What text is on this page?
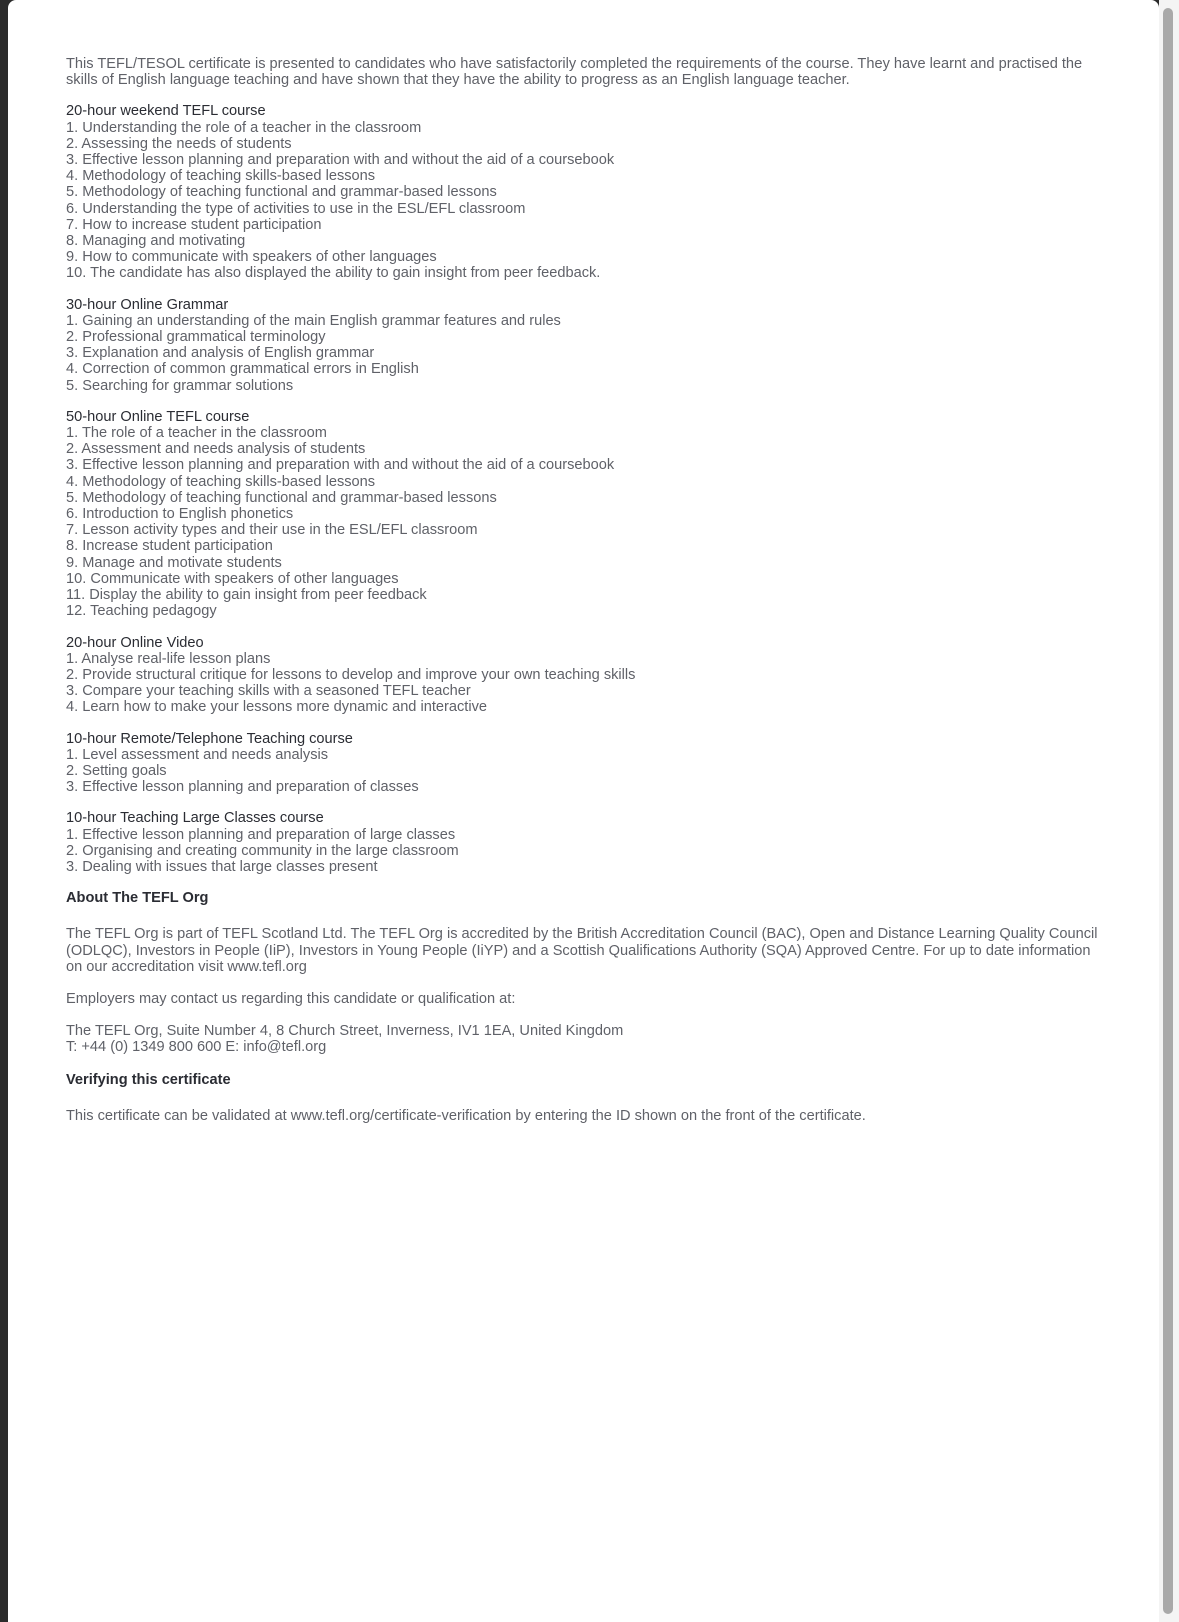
This TEFL/TESOL certificate is presented to candidates who have satisfactorily completed the requirements of the course. They have learnt and practised the skills of English language teaching and have shown that they have the ability to progress as an English language teacher.

20-hour weekend TEFL course

1. Understanding the role of a teacher in the classroom
2. Assessing the needs of students
3. Effective lesson planning and preparation with and without the aid of a coursebook
4. Methodology of teaching skills-based lessons
5. Methodology of teaching functional and grammar-based lessons
6. Understanding the type of activities to use in the ESL/EFL classroom
7. How to increase student participation
8. Managing and motivating
9. How to communicate with speakers of other languages
10. The candidate has also displayed the ability to gain insight from peer feedback.

30-hour Online Grammar

1. Gaining an understanding of the main English grammar features and rules
2. Professional grammatical terminology
3. Explanation and analysis of English grammar
4. Correction of common grammatical errors in English
5. Searching for grammar solutions

50-hour Online TEFL course

1. The role of a teacher in the classroom
2. Assessment and needs analysis of students
3. Effective lesson planning and preparation with and without the aid of a coursebook
4. Methodology of teaching skills-based lessons
5. Methodology of teaching functional and grammar-based lessons
6. Introduction to English phonetics
7. Lesson activity types and their use in the ESL/EFL classroom
8. Increase student participation
9. Manage and motivate students
10. Communicate with speakers of other languages
11. Display the ability to gain insight from peer feedback
12. Teaching pedagogy

20-hour Online Video

1. Analyse real-life lesson plans
2. Provide structural critique for lessons to develop and improve your own teaching skills
3. Compare your teaching skills with a seasoned TEFL teacher
4. Learn how to make your lessons more dynamic and interactive

10-hour Remote/Telephone Teaching course

1. Level assessment and needs analysis
2. Setting goals
3. Effective lesson planning and preparation of classes

10-hour Teaching Large Classes course

1. Effective lesson planning and preparation of large classes
2. Organising and creating community in the large classroom
3. Dealing with issues that large classes present

About The TEFL Org

The TEFL Org is part of TEFL Scotland Ltd. The TEFL Org is accredited by the British Accreditation Council (BAC), Open and Distance Learning Quality Council (ODLQC), Investors in People (IiP), Investors in Young People (IiYP) and a Scottish Qualifications Authority (SQA) Approved Centre. For up to date information on our accreditation visit www.tefl.org

Employers may contact us regarding this candidate or qualification at:

The TEFL Org, Suite Number 4, 8 Church Street, Inverness, IV1 1EA, United Kingdom

T: +44 (0) 1349 800 600 E: info@tefl.org

Verifying this certificate

This certificate can be validated at www.tefl.org/certificate-verification by entering the ID shown on the front of the certificate.
